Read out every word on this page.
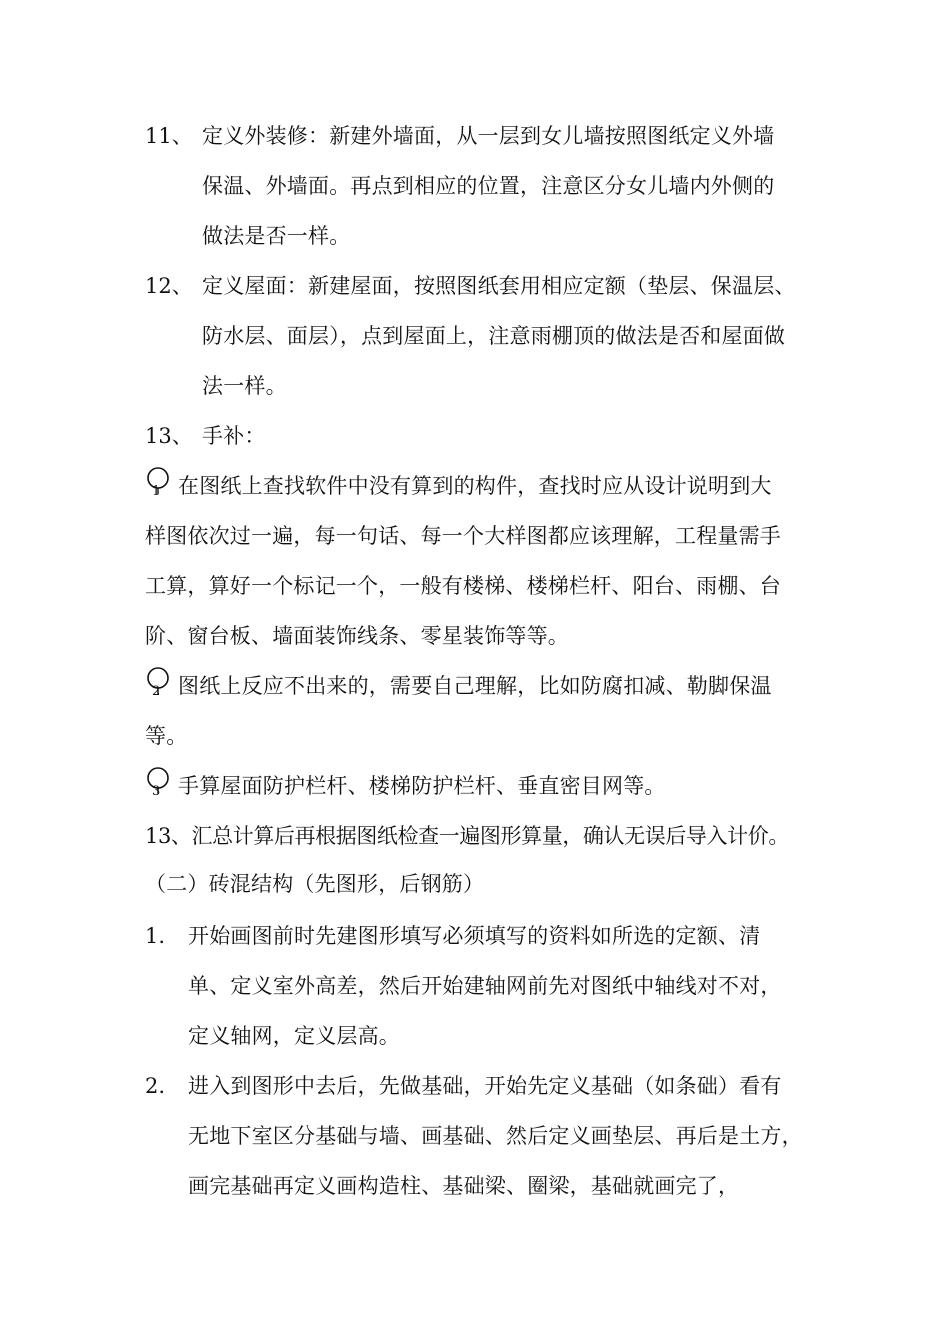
11、 定义外装修：新建外墙面，从一层到女儿墙按照图纸定义外墙
保温、外墙面。再点到相应的位置，注意区分女儿墙内外侧的
做法是否一样。
12、 定义屋面：新建屋面，按照图纸套用相应定额（垫层、保温层、
防水层、面层），点到屋面上，注意雨棚顶的做法是否和屋面做
法一样。
13、 手补：
1 在图纸上查找软件中没有算到的构件，查找时应从设计说明到大
样图依次过一遍，每一句话、每一个大样图都应该理解，工程量需手
工算，算好一个标记一个，一般有楼梯、楼梯栏杆、阳台、雨棚、台
阶、窗台板、墙面装饰线条、零星装饰等等。
2 图纸上反应不出来的，需要自己理解，比如防腐扣减、勒脚保温
等。
3 手算屋面防护栏杆、楼梯防护栏杆、垂直密目网等。
13、汇总计算后再根据图纸检查一遍图形算量，确认无误后导入计价。
（二）砖混结构（先图形，后钢筋）
1. 开始画图前时先建图形填写必须填写的资料如所选的定额、清
单、定义室外高差，然后开始建轴网前先对图纸中轴线对不对，
定义轴网，定义层高。
2. 进入到图形中去后，先做基础，开始先定义基础（如条础）看有
无地下室区分基础与墙、画基础、然后定义画垫层、再后是土方，
画完基础再定义画构造柱、基础梁、圈梁，基础就画完了，
